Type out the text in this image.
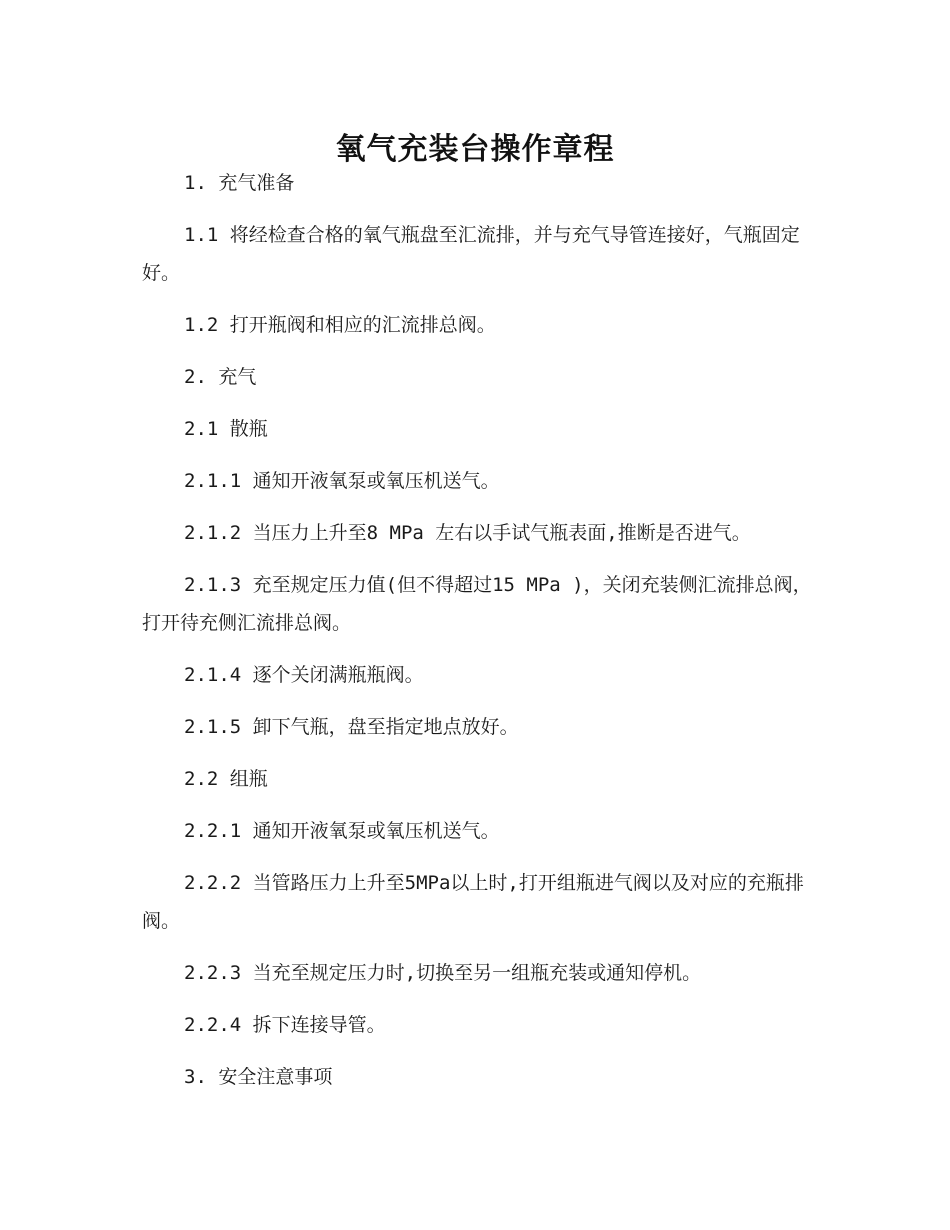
氧气充装台操作章程

1. 充气准备

1.1 将经检查合格的氧气瓶盘至汇流排，并与充气导管连接好，气瓶固定好。

1.2 打开瓶阀和相应的汇流排总阀。

2. 充气

2.1 散瓶

2.1.1 通知开液氧泵或氧压机送气。

2.1.2 当压力上升至8 MPa 左右以手试气瓶表面,推断是否进气。

2.1.3 充至规定压力值(但不得超过15 MPa )，关闭充装侧汇流排总阀，打开待充侧汇流排总阀。

2.1.4 逐个关闭满瓶瓶阀。

2.1.5 卸下气瓶，盘至指定地点放好。

2.2 组瓶

2.2.1 通知开液氧泵或氧压机送气。

2.2.2 当管路压力上升至5MPa以上时,打开组瓶进气阀以及对应的充瓶排阀。

2.2.3 当充至规定压力时,切换至另一组瓶充装或通知停机。

2.2.4 拆下连接导管。

3. 安全注意事项
